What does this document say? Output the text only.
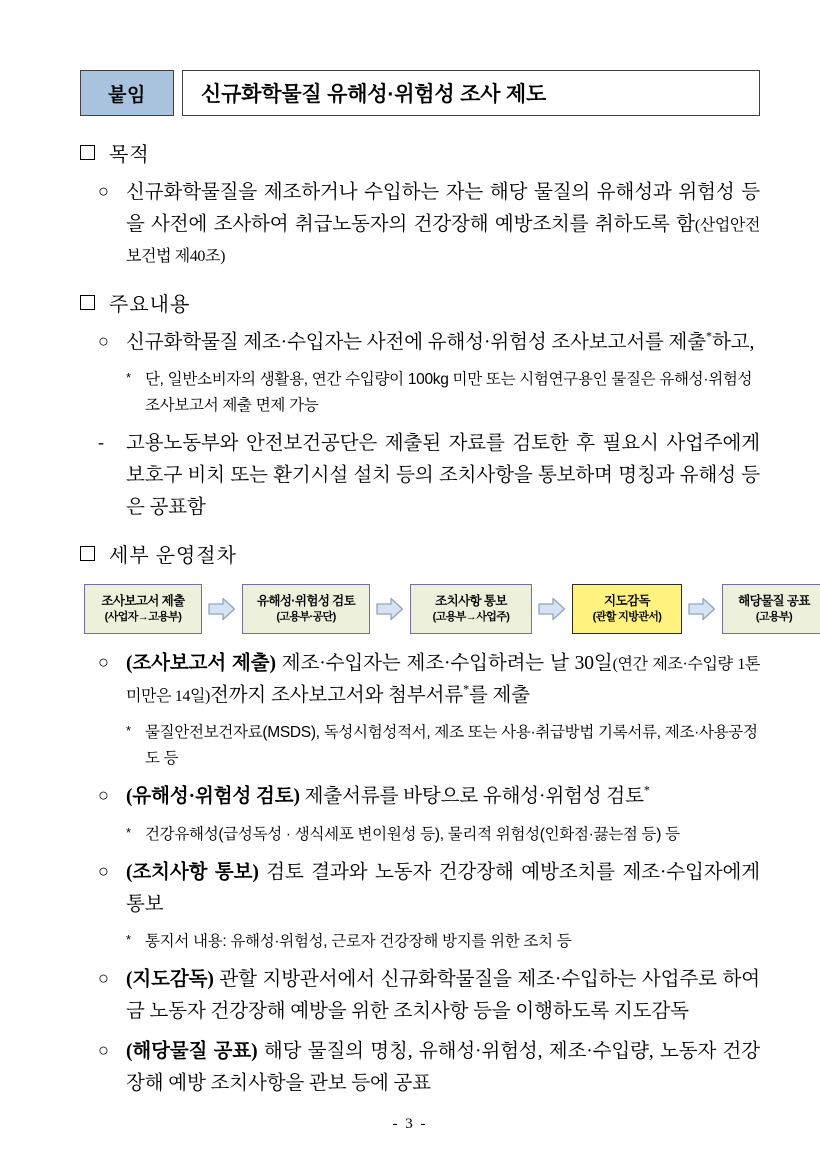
붙임	신규화학물질 유해성·위험성 조사 제도
목적
○ 신규화학물질을 제조하거나 수입하는 자는 해당 물질의 유해성과 위험성 등을 사전에 조사하여 취급노동자의 건강장해 예방조치를 취하도록 함(산업안전보건법 제40조)
주요내용
○ 신규화학물질 제조·수입자는 사전에 유해성·위험성 조사보고서를 제출*하고,
* 단, 일반소비자의 생활용, 연간 수입량이 100kg 미만 또는 시험연구용인 물질은 유해성·위험성 조사보고서 제출 면제 가능
-	고용노동부와 안전보건공단은 제출된 자료를 검토한 후 필요시 사업주에게 보호구 비치 또는 환기시설 설치 등의 조치사항을 통보하며 명칭과 유해성 등은 공표함
세부 운영절차
조사보고서 제출
(사업자→고용부)
유해성·위험성 검토
(고용부·공단)
조치사항 통보
(고용부→사업주)
지도감독
(관할 지방관서)
해당물질 공표
(고용부)
○ (조사보고서 제출) 제조·수입자는 제조·수입하려는 날 30일(연간 제조·수입량 1톤 미만은 14일)전까지 조사보고서와 첨부서류*를 제출
* 물질안전보건자료(MSDS), 독성시험성적서, 제조 또는 사용·취급방법 기록서류, 제조·사용공정도 등
○ (유해성·위험성 검토) 제출서류를 바탕으로 유해성·위험성 검토*
* 건강유해성(급성독성 · 생식세포 변이원성 등), 물리적 위험성(인화점·끓는점 등) 등
○ (조치사항 통보) 검토 결과와 노동자 건강장해 예방조치를 제조·수입자에게 통보
* 통지서 내용: 유해성·위험성, 근로자 건강장해 방지를 위한 조치 등
○ (지도감독) 관할 지방관서에서 신규화학물질을 제조·수입하는 사업주로 하여금 노동자 건강장해 예방을 위한 조치사항 등을 이행하도록 지도감독
○ (해당물질 공표) 해당 물질의 명칭, 유해성·위험성, 제조·수입량, 노동자 건강장해 예방 조치사항을 관보 등에 공표
- 3 -
